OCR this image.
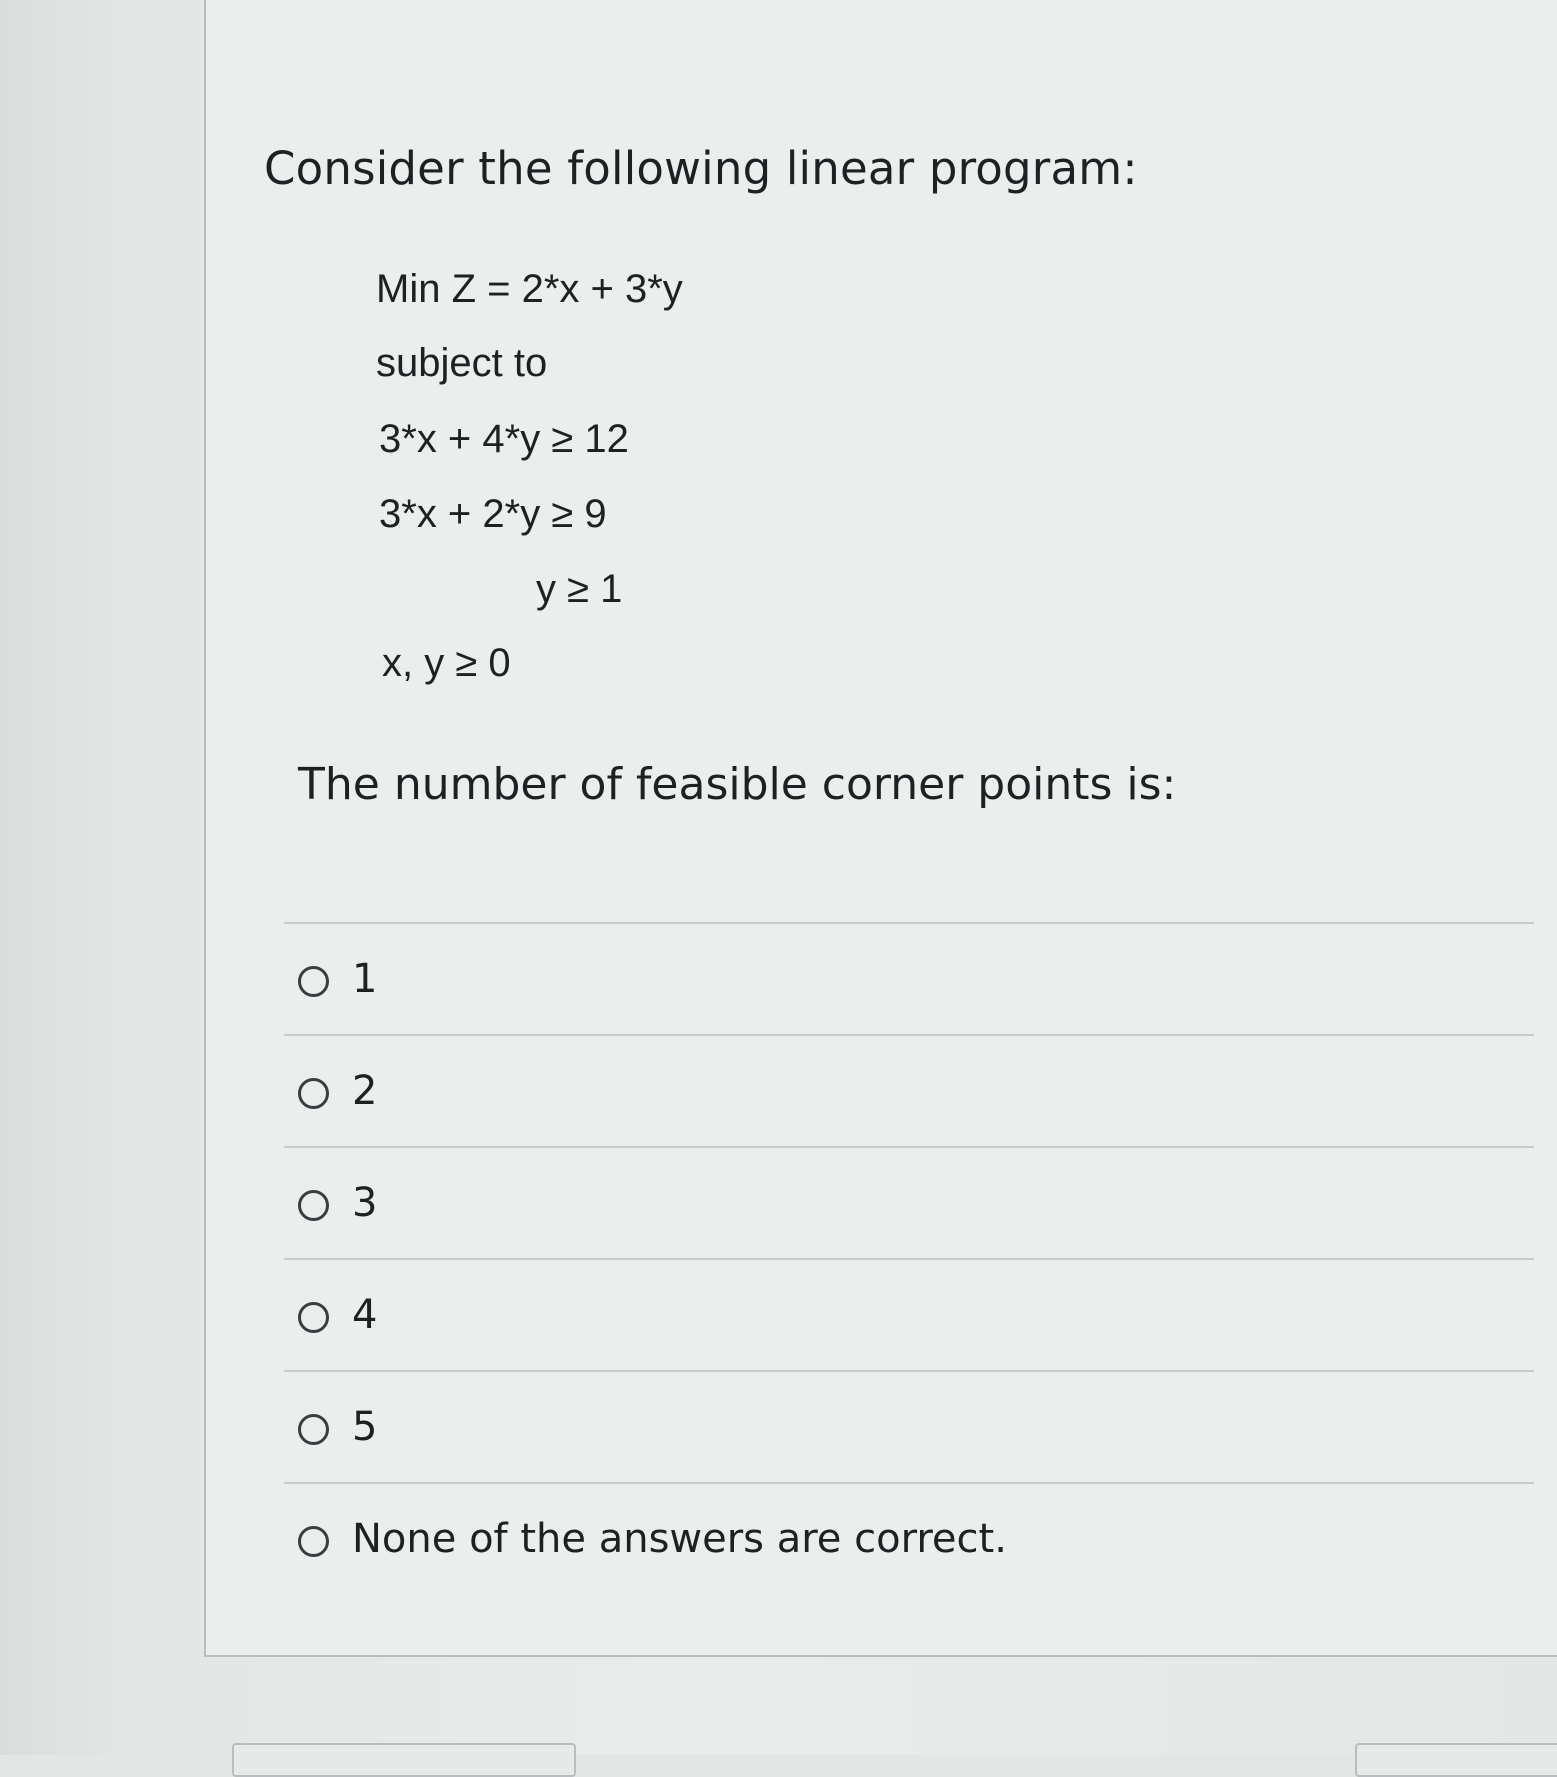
Consider the following linear program:
Min Z = 2*x + 3*y
subject to
3*x + 4*y ≥ 12
3*x + 2*y ≥ 9
y ≥ 1
x, y ≥ 0
The number of feasible corner points is:
1
2
3
4
5
None of the answers are correct.
